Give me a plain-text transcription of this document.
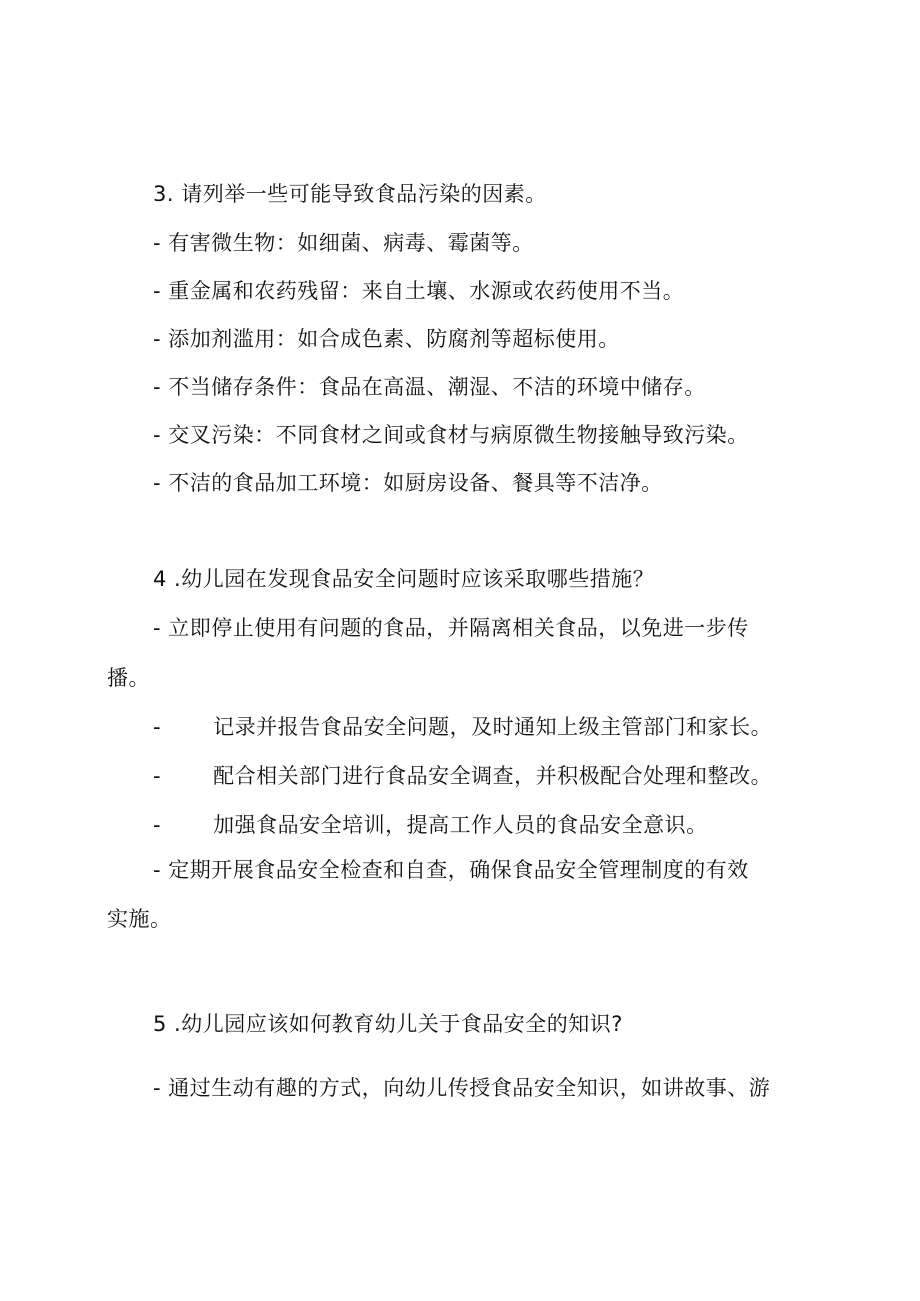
3. 请列举一些可能导致食品污染的因素。
- 有害微生物：如细菌、病毒、霉菌等。
- 重金属和农药残留：来自土壤、水源或农药使用不当。
- 添加剂滥用：如合成色素、防腐剂等超标使用。
- 不当储存条件：食品在高温、潮湿、不洁的环境中储存。
- 交叉污染：不同食材之间或食材与病原微生物接触导致污染。
- 不洁的食品加工环境：如厨房设备、餐具等不洁净。
4 .幼儿园在发现食品安全问题时应该采取哪些措施？
- 立即停止使用有问题的食品，并隔离相关食品，以免进一步传
播。
- 记录并报告食品安全问题，及时通知上级主管部门和家长。
- 配合相关部门进行食品安全调查，并积极配合处理和整改。
- 加强食品安全培训，提高工作人员的食品安全意识。
- 定期开展食品安全检查和自查，确保食品安全管理制度的有效
实施。
5 .幼儿园应该如何教育幼儿关于食品安全的知识?
- 通过生动有趣的方式，向幼儿传授食品安全知识，如讲故事、游
